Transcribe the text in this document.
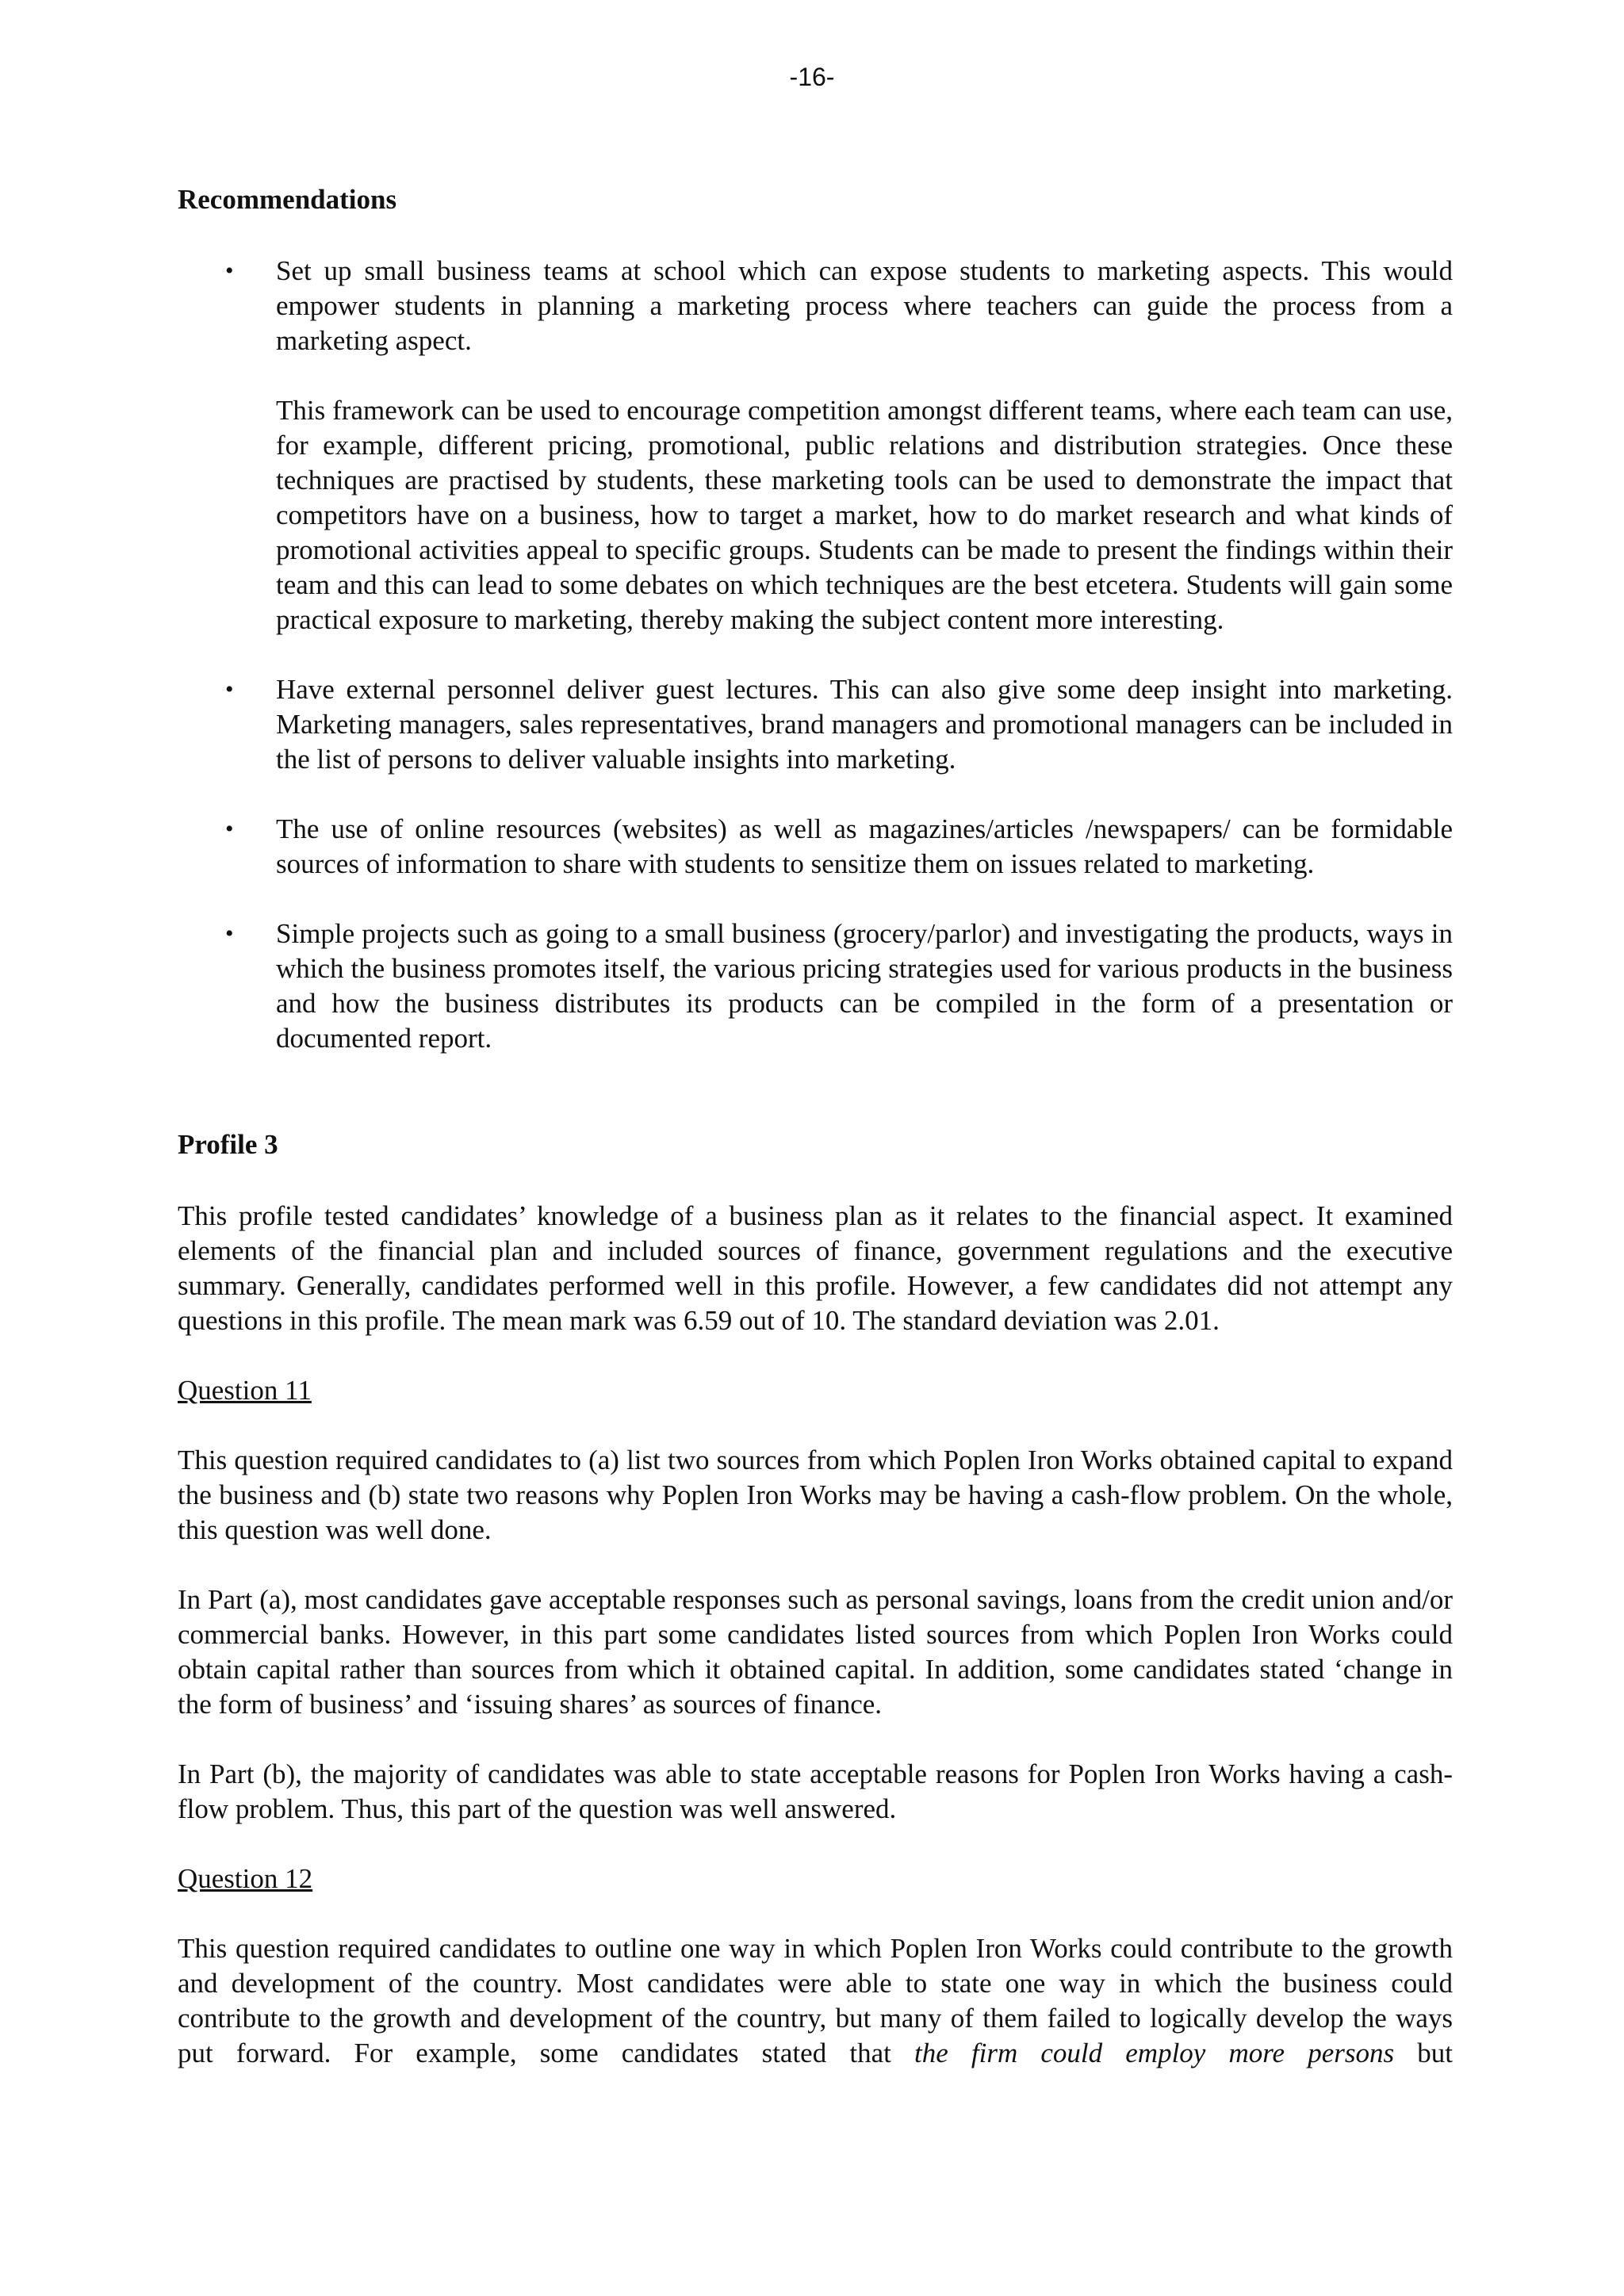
-16-
Recommendations
• Set up small business teams at school which can expose students to marketing aspects. This would empower students in planning a marketing process where teachers can guide the process from a marketing aspect.
This framework can be used to encourage competition amongst different teams, where each team can use, for example, different pricing, promotional, public relations and distribution strategies. Once these techniques are practised by students, these marketing tools can be used to demonstrate the impact that competitors have on a business, how to target a market, how to do market research and what kinds of promotional activities appeal to specific groups. Students can be made to present the findings within their team and this can lead to some debates on which techniques are the best etcetera. Students will gain some practical exposure to marketing, thereby making the subject content more interesting.
• Have external personnel deliver guest lectures. This can also give some deep insight into marketing. Marketing managers, sales representatives, brand managers and promotional managers can be included in the list of persons to deliver valuable insights into marketing.
• The use of online resources (websites) as well as magazines/articles /newspapers/ can be formidable sources of information to share with students to sensitize them on issues related to marketing.
• Simple projects such as going to a small business (grocery/parlor) and investigating the products, ways in which the business promotes itself, the various pricing strategies used for various products in the business and how the business distributes its products can be compiled in the form of a presentation or documented report.
Profile 3
This profile tested candidates’ knowledge of a business plan as it relates to the financial aspect. It examined elements of the financial plan and included sources of finance, government regulations and the executive summary. Generally, candidates performed well in this profile. However, a few candidates did not attempt any questions in this profile. The mean mark was 6.59 out of 10. The standard deviation was 2.01.
Question 11
This question required candidates to (a) list two sources from which Poplen Iron Works obtained capital to expand the business and (b) state two reasons why Poplen Iron Works may be having a cash-flow problem. On the whole, this question was well done.
In Part (a), most candidates gave acceptable responses such as personal savings, loans from the credit union and/or commercial banks. However, in this part some candidates listed sources from which Poplen Iron Works could obtain capital rather than sources from which it obtained capital. In addition, some candidates stated ‘change in the form of business’ and ‘issuing shares’ as sources of finance.
In Part (b), the majority of candidates was able to state acceptable reasons for Poplen Iron Works having a cash-flow problem. Thus, this part of the question was well answered.
Question 12
This question required candidates to outline one way in which Poplen Iron Works could contribute to the growth and development of the country. Most candidates were able to state one way in which the business could contribute to the growth and development of the country, but many of them failed to logically develop the ways put forward. For example, some candidates stated that the firm could employ more persons but
